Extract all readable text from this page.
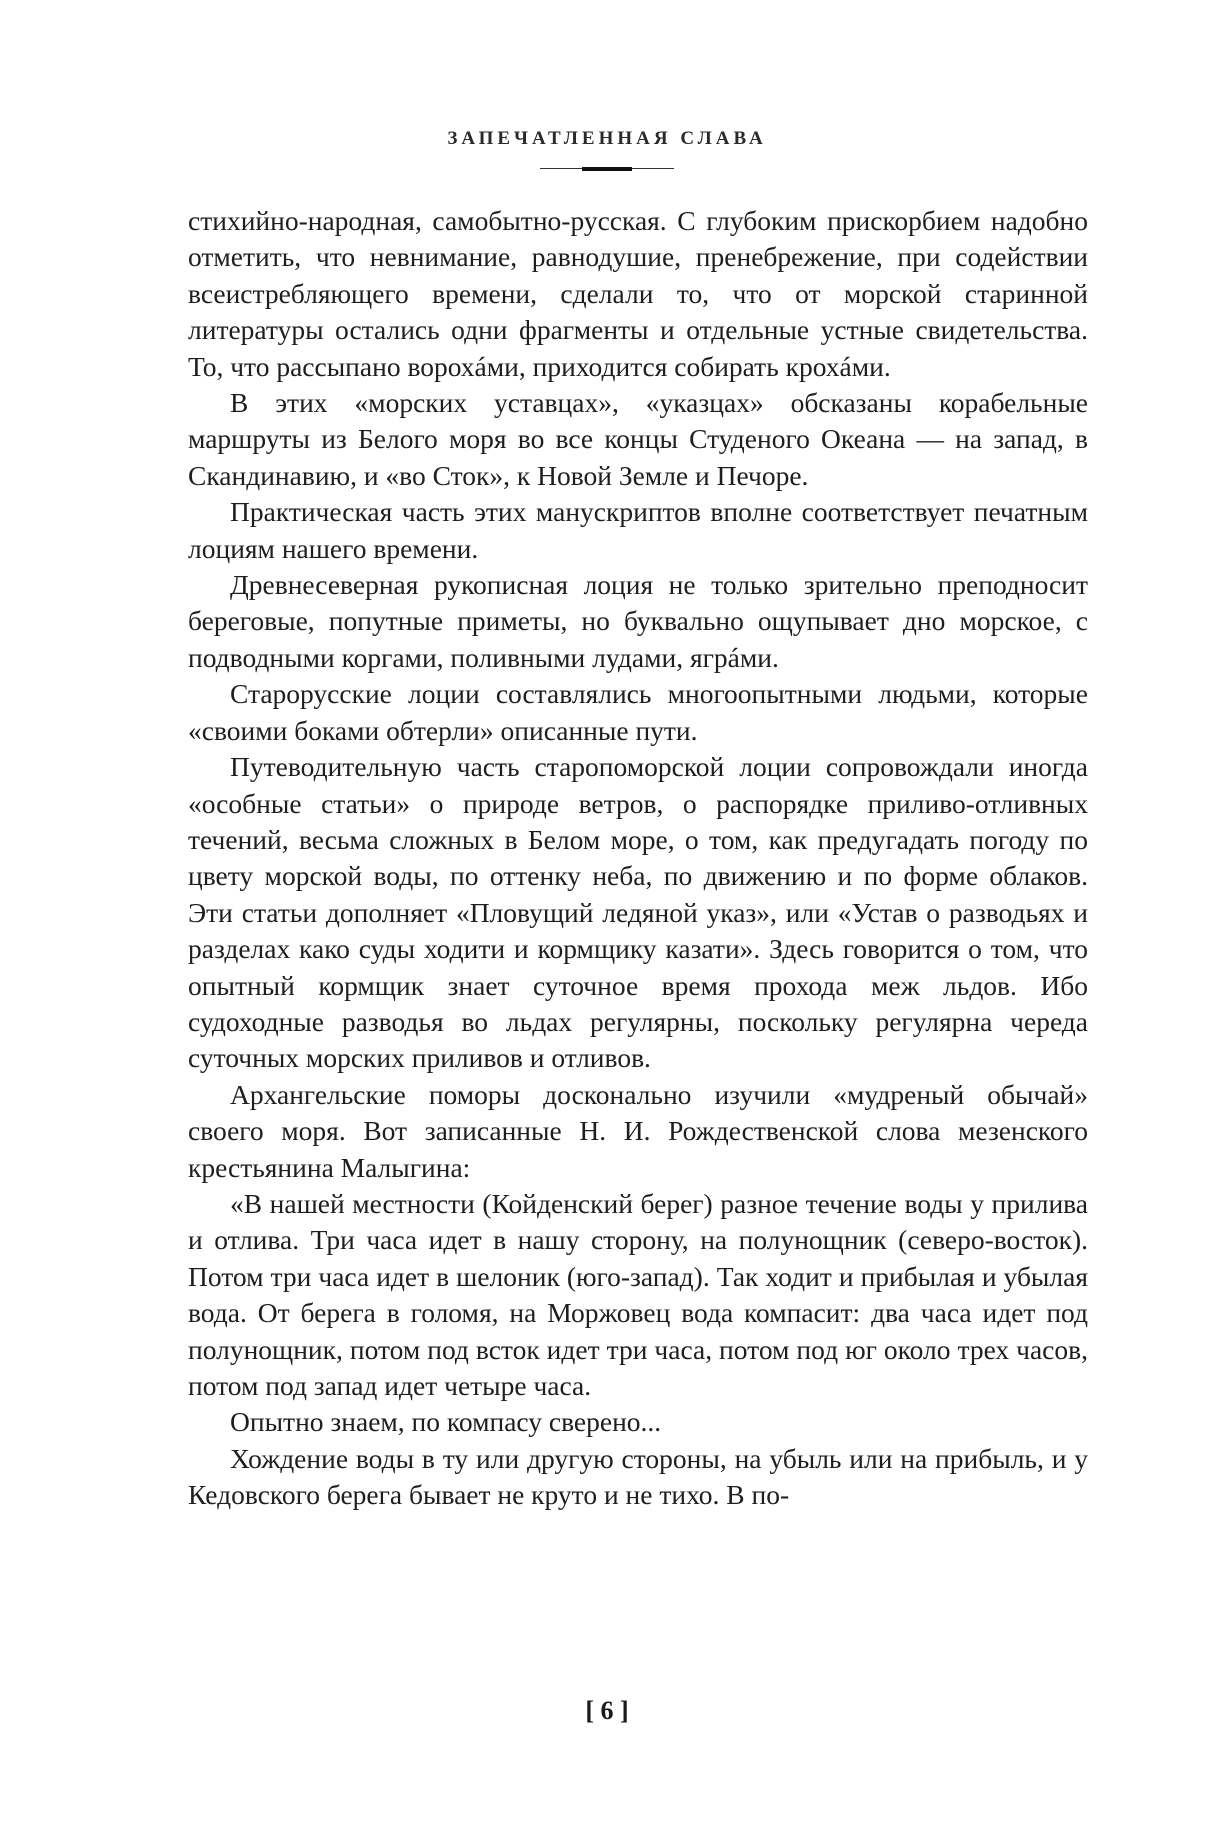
ЗАПЕЧАТЛЕННАЯ СЛАВА

стихийно-народная, самобытно-русская. С глубоким прискорбием надобно отметить, что невнимание, равнодушие, пренебрежение, при содействии всеистребляющего времени, сделали то, что от морской старинной литературы остались одни фрагменты и отдельные устные свидетельства. То, что рассыпано ворохáми, приходится собирать крохáми.

В этих «морских уставцах», «указцах» обсказаны корабельные маршруты из Белого моря во все концы Студеного Океана — на запад, в Скандинавию, и «во Сток», к Новой Земле и Печоре.

Практическая часть этих манускриптов вполне соответствует печатным лоциям нашего времени.

Древнесеверная рукописная лоция не только зрительно преподносит береговые, попутные приметы, но буквально ощупывает дно морское, с подводными коргами, поливными лудами, ягрáми.

Старорусские лоции составлялись многоопытными людьми, которые «своими боками обтерли» описанные пути.

Путеводительную часть старопоморской лоции сопровождали иногда «особные статьи» о природе ветров, о распорядке приливо-отливных течений, весьма сложных в Белом море, о том, как предугадать погоду по цвету морской воды, по оттенку неба, по движению и по форме облаков. Эти статьи дополняет «Пловущий ледяной указ», или «Устав о разводьях и разделах како суды ходити и кормщику казати». Здесь говорится о том, что опытный кормщик знает суточное время прохода меж льдов. Ибо судоходные разводья во льдах регулярны, поскольку регулярна череда суточных морских приливов и отливов.

Архангельские поморы досконально изучили «мудреный обычай» своего моря. Вот записанные Н. И. Рождественской слова мезенского крестьянина Малыгина:

«В нашей местности (Койденский берег) разное течение воды у прилива и отлива. Три часа идет в нашу сторону, на полунощник (северо-восток). Потом три часа идет в шелоник (юго-запад). Так ходит и прибылая и убылая вода. От берега в голомя, на Моржовец вода компасит: два часа идет под полунощник, потом под всток идет три часа, потом под юг около трех часов, потом под запад идет четыре часа.

Опытно знаем, по компасу сверено...

Хождение воды в ту или другую стороны, на убыль или на прибыль, и у Кедовского берега бывает не круто и не тихо. В по-

[ 6 ]
